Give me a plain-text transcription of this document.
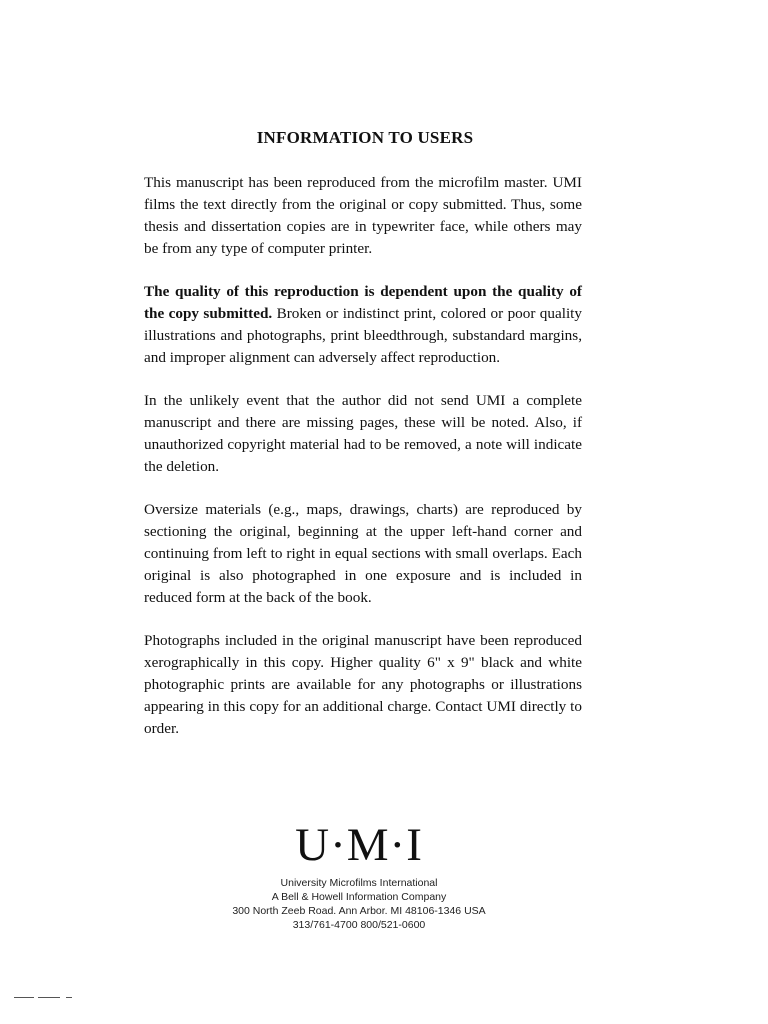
INFORMATION TO USERS

This manuscript has been reproduced from the microfilm master. UMI films the text directly from the original or copy submitted. Thus, some thesis and dissertation copies are in typewriter face, while others may be from any type of computer printer.

The quality of this reproduction is dependent upon the quality of the copy submitted. Broken or indistinct print, colored or poor quality illustrations and photographs, print bleedthrough, substandard margins, and improper alignment can adversely affect reproduction.

In the unlikely event that the author did not send UMI a complete manuscript and there are missing pages, these will be noted. Also, if unauthorized copyright material had to be removed, a note will indicate the deletion.

Oversize materials (e.g., maps, drawings, charts) are reproduced by sectioning the original, beginning at the upper left-hand corner and continuing from left to right in equal sections with small overlaps. Each original is also photographed in one exposure and is included in reduced form at the back of the book.

Photographs included in the original manuscript have been reproduced xerographically in this copy. Higher quality 6" x 9" black and white photographic prints are available for any photographs or illustrations appearing in this copy for an additional charge. Contact UMI directly to order.

U·M·I
University Microfilms International
A Bell & Howell Information Company
300 North Zeeb Road. Ann Arbor. MI 48106-1346 USA
313/761-4700 800/521-0600
